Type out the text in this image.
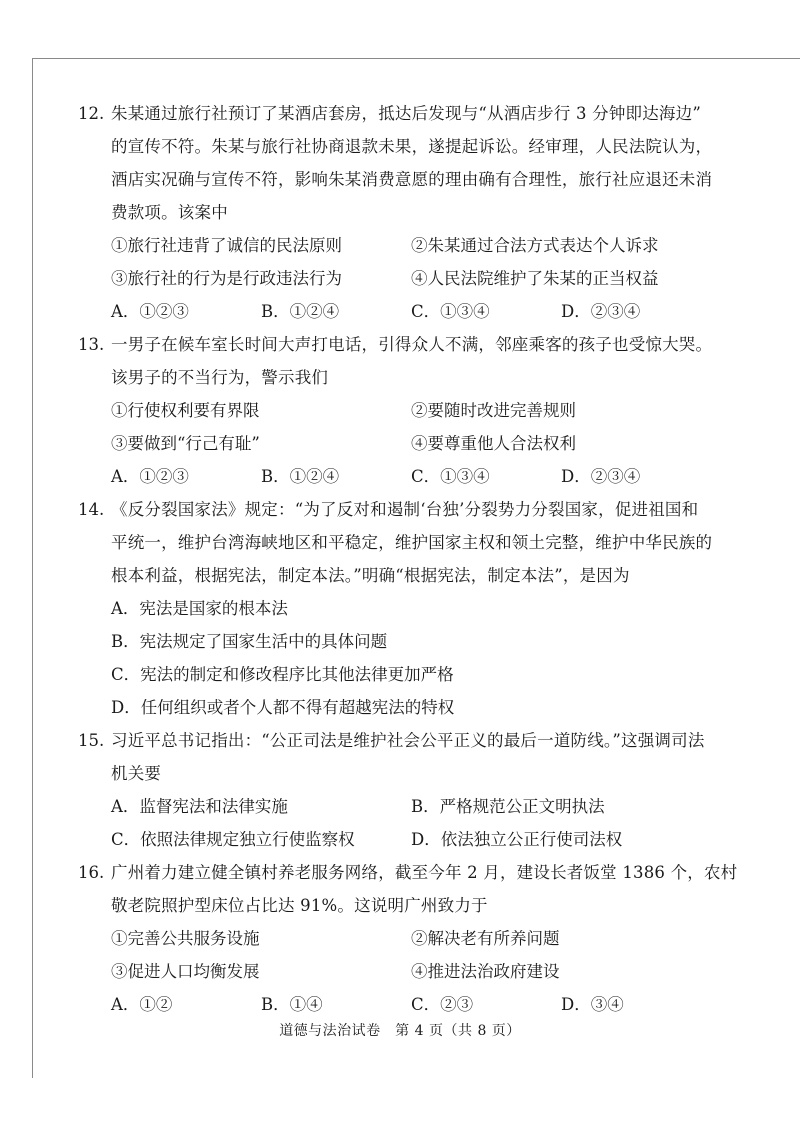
12. 朱某通过旅行社预订了某酒店套房，抵达后发现与“从酒店步行 3 分钟即达海边”
的宣传不符。朱某与旅行社协商退款未果，遂提起诉讼。经审理，人民法院认为，
酒店实况确与宣传不符，影响朱某消费意愿的理由确有合理性，旅行社应退还未消
费款项。该案中
①旅行社违背了诚信的民法原则	②朱某通过合法方式表达个人诉求
③旅行社的行为是行政违法行为	④人民法院维护了朱某的正当权益
A．①②③	B．①②④	C．①③④	D．②③④
13. 一男子在候车室长时间大声打电话，引得众人不满，邻座乘客的孩子也受惊大哭。
该男子的不当行为，警示我们
①行使权利要有界限	②要随时改进完善规则
③要做到“行己有耻”	④要尊重他人合法权利
A．①②③	B．①②④	C．①③④	D．②③④
14. 《反分裂国家法》规定：“为了反对和遏制‘台独’分裂势力分裂国家，促进祖国和
平统一，维护台湾海峡地区和平稳定，维护国家主权和领土完整，维护中华民族的
根本利益，根据宪法，制定本法。”明确“根据宪法，制定本法”，是因为
A．宪法是国家的根本法
B．宪法规定了国家生活中的具体问题
C．宪法的制定和修改程序比其他法律更加严格
D．任何组织或者个人都不得有超越宪法的特权
15. 习近平总书记指出：“公正司法是维护社会公平正义的最后一道防线。”这强调司法
机关要
A．监督宪法和法律实施	B．严格规范公正文明执法
C．依照法律规定独立行使监察权	D．依法独立公正行使司法权
16. 广州着力建立健全镇村养老服务网络，截至今年 2 月，建设长者饭堂 1386 个，农村
敬老院照护型床位占比达 91%。这说明广州致力于
①完善公共服务设施	②解决老有所养问题
③促进人口均衡发展	④推进法治政府建设
A．①②	B．①④	C．②③	D．③④
道德与法治试卷　第 4 页（共 8 页）
